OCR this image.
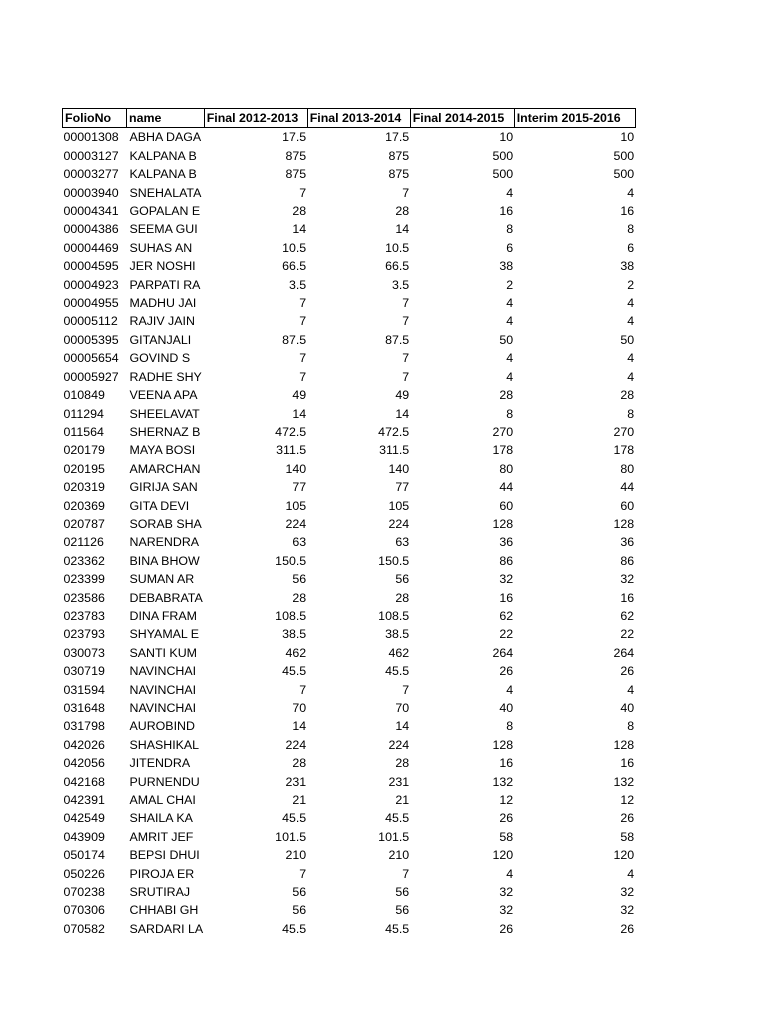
FolioNo	name	Final 2012-2013	Final 2013-2014	Final 2014-2015	Interim 2015-2016
00001308	ABHA DAGA	17.5	17.5	10	10
00003127	KALPANA B	875	875	500	500
00003277	KALPANA B	875	875	500	500
00003940	SNEHALATA	7	7	4	4
00004341	GOPALAN E	28	28	16	16
00004386	SEEMA GUI	14	14	8	8
00004469	SUHAS AN	10.5	10.5	6	6
00004595	JER NOSHI	66.5	66.5	38	38
00004923	PARPATI RA	3.5	3.5	2	2
00004955	MADHU JAI	7	7	4	4
00005112	RAJIV JAIN	7	7	4	4
00005395	GITANJALI	87.5	87.5	50	50
00005654	GOVIND S	7	7	4	4
00005927	RADHE SHY	7	7	4	4
010849	VEENA APA	49	49	28	28
011294	SHEELAVAT	14	14	8	8
011564	SHERNAZ B	472.5	472.5	270	270
020179	MAYA BOSI	311.5	311.5	178	178
020195	AMARCHAN	140	140	80	80
020319	GIRIJA SAN	77	77	44	44
020369	GITA DEVI	105	105	60	60
020787	SORAB SHA	224	224	128	128
021126	NARENDRA	63	63	36	36
023362	BINA BHOW	150.5	150.5	86	86
023399	SUMAN AR	56	56	32	32
023586	DEBABRATA	28	28	16	16
023783	DINA FRAM	108.5	108.5	62	62
023793	SHYAMAL E	38.5	38.5	22	22
030073	SANTI KUM	462	462	264	264
030719	NAVINCHAI	45.5	45.5	26	26
031594	NAVINCHAI	7	7	4	4
031648	NAVINCHAI	70	70	40	40
031798	AUROBIND	14	14	8	8
042026	SHASHIKAL	224	224	128	128
042056	JITENDRA	28	28	16	16
042168	PURNENDU	231	231	132	132
042391	AMAL CHAI	21	21	12	12
042549	SHAILA KA	45.5	45.5	26	26
043909	AMRIT JEF	101.5	101.5	58	58
050174	BEPSI DHUI	210	210	120	120
050226	PIROJA ER	7	7	4	4
070238	SRUTIRAJ	56	56	32	32
070306	CHHABI GH	56	56	32	32
070582	SARDARI LA	45.5	45.5	26	26
